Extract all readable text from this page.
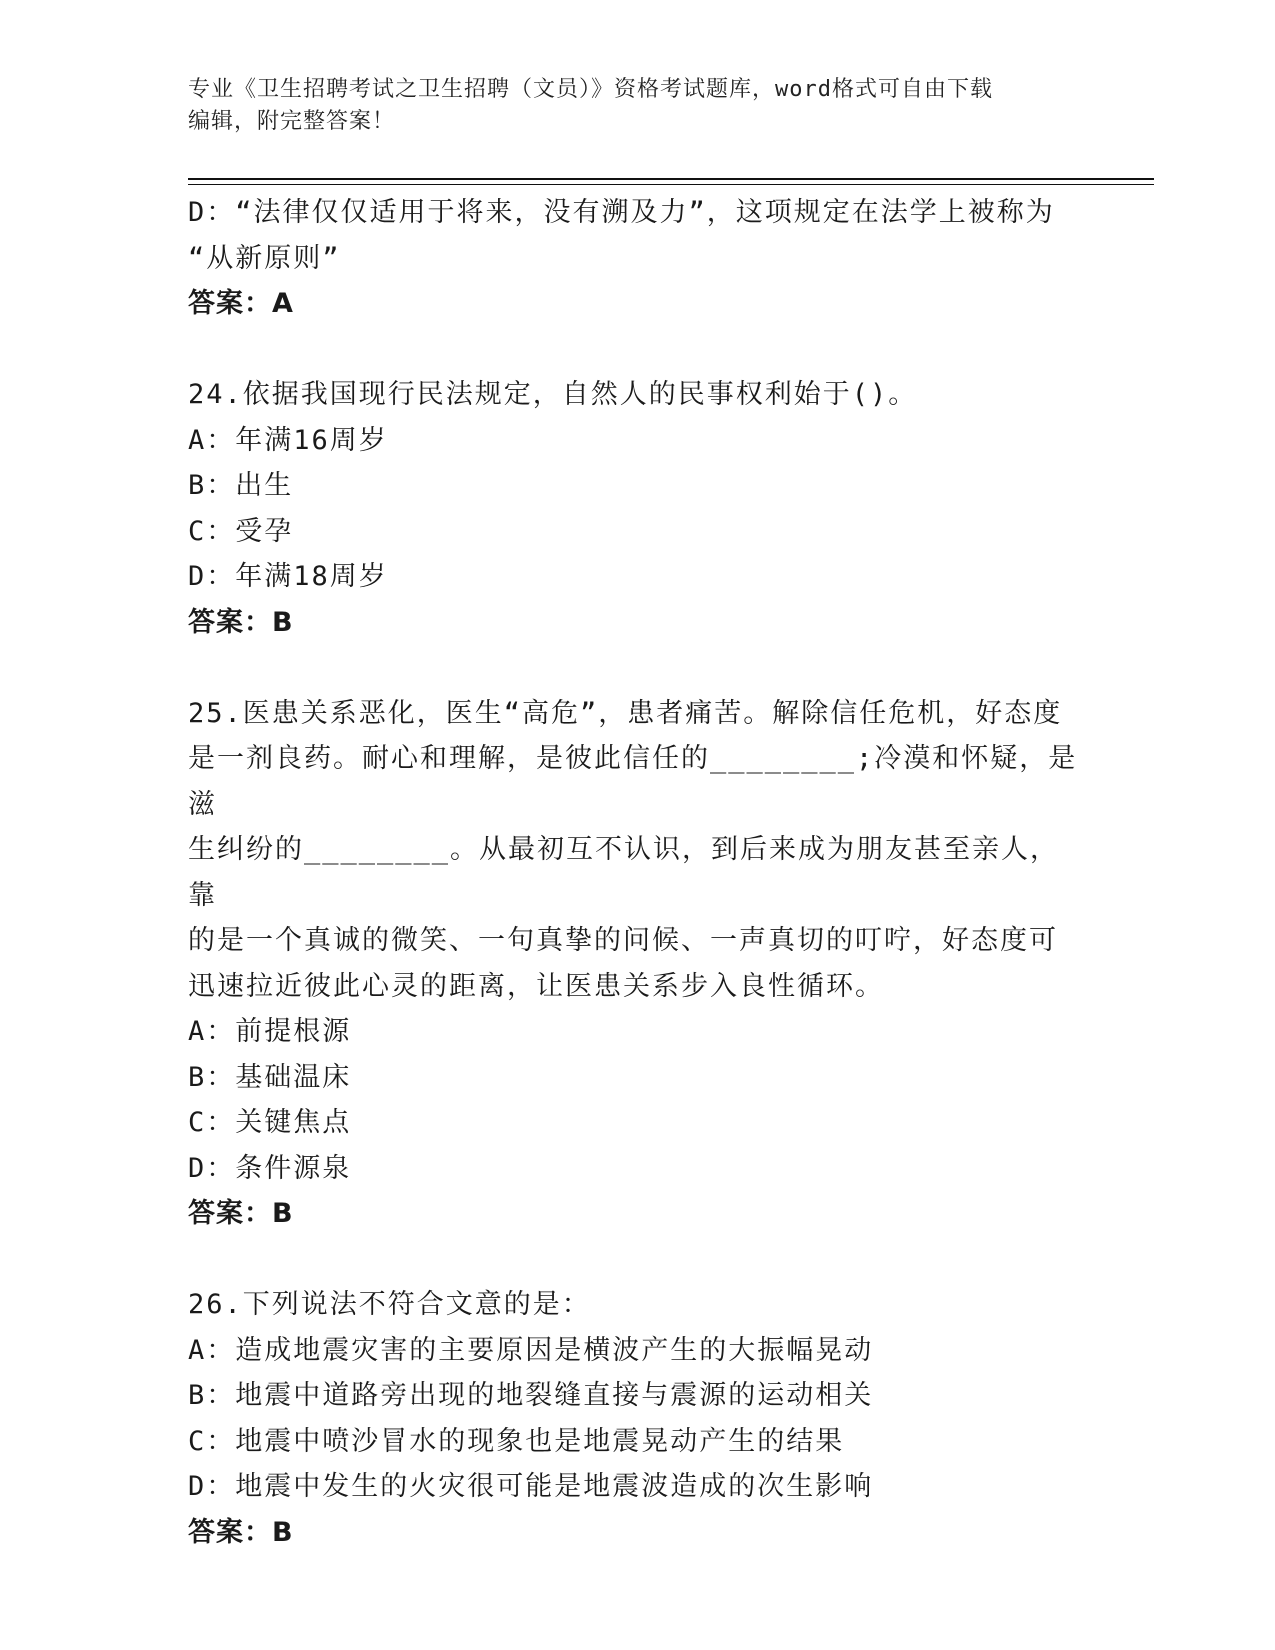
专业《卫生招聘考试之卫生招聘（文员）》资格考试题库，word格式可自由下载
编辑，附完整答案！
D：“法律仅仅适用于将来，没有溯及力”，这项规定在法学上被称为
“从新原则”
答案：A
24.依据我国现行民法规定，自然人的民事权利始于()。
A：年满16周岁
B：出生
C：受孕
D：年满18周岁
答案：B
25.医患关系恶化，医生“高危”，患者痛苦。解除信任危机，好态度
是一剂良药。耐心和理解，是彼此信任的________;冷漠和怀疑，是滋
生纠纷的________。从最初互不认识，到后来成为朋友甚至亲人，靠
的是一个真诚的微笑、一句真挚的问候、一声真切的叮咛，好态度可
迅速拉近彼此心灵的距离，让医患关系步入良性循环。
A：前提根源
B：基础温床
C：关键焦点
D：条件源泉
答案：B
26.下列说法不符合文意的是：
A：造成地震灾害的主要原因是横波产生的大振幅晃动
B：地震中道路旁出现的地裂缝直接与震源的运动相关
C：地震中喷沙冒水的现象也是地震晃动产生的结果
D：地震中发生的火灾很可能是地震波造成的次生影响
答案：B
